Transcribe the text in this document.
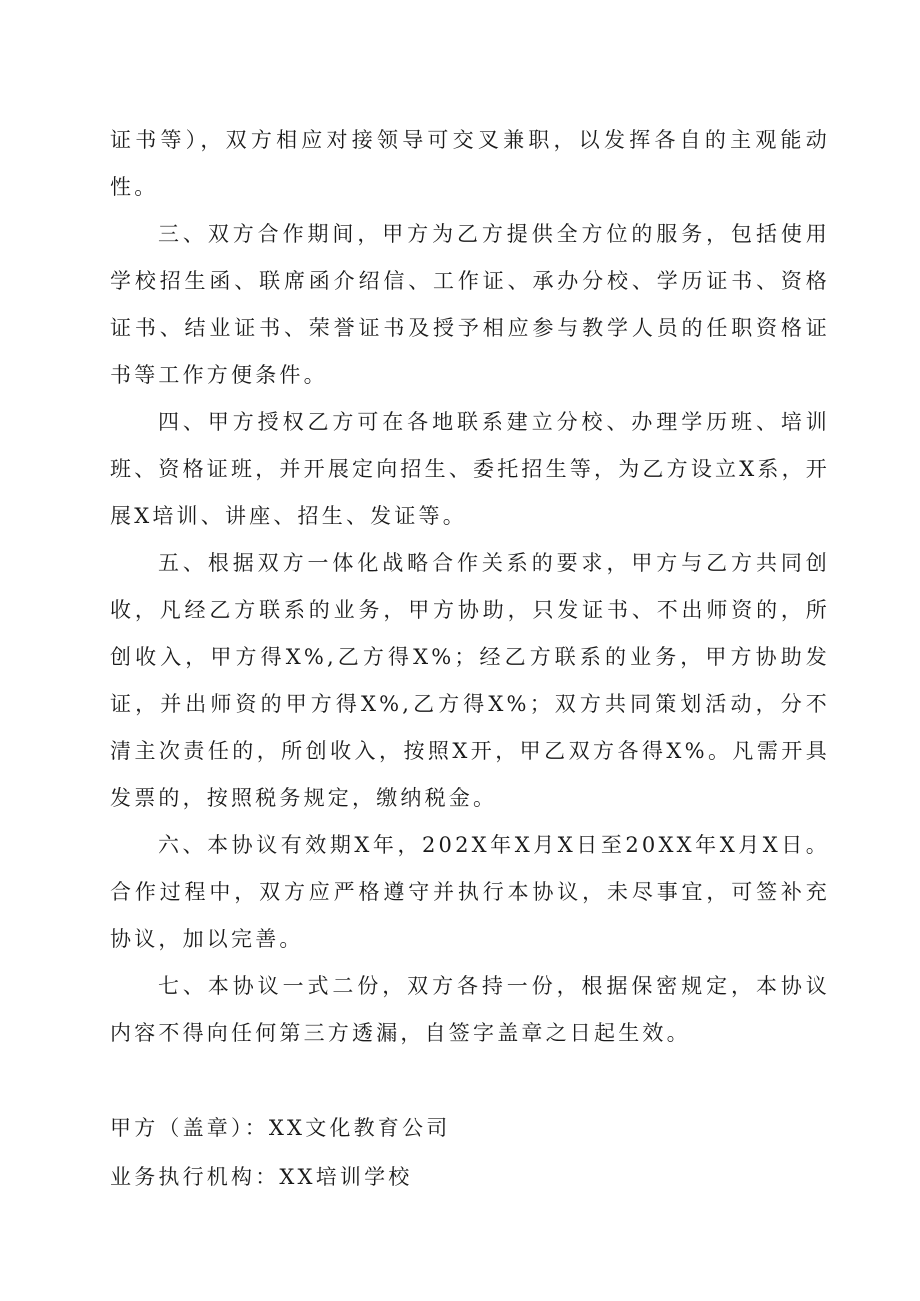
证书等），双方相应对接领导可交叉兼职，以发挥各自的主观能动性。

三、双方合作期间，甲方为乙方提供全方位的服务，包括使用学校招生函、联席函介绍信、工作证、承办分校、学历证书、资格证书、结业证书、荣誉证书及授予相应参与教学人员的任职资格证书等工作方便条件。

四、甲方授权乙方可在各地联系建立分校、办理学历班、培训班、资格证班，并开展定向招生、委托招生等，为乙方设立X系，开展X培训、讲座、招生、发证等。

五、根据双方一体化战略合作关系的要求，甲方与乙方共同创收，凡经乙方联系的业务，甲方协助，只发证书、不出师资的，所创收入，甲方得X%,乙方得X%；经乙方联系的业务，甲方协助发证，并出师资的甲方得X%,乙方得X%；双方共同策划活动，分不清主次责任的，所创收入，按照X开，甲乙双方各得X%。凡需开具发票的，按照税务规定，缴纳税金。

六、本协议有效期X年，202X年X月X日至20XX年X月X日。合作过程中，双方应严格遵守并执行本协议，未尽事宜，可签补充协议，加以完善。

七、本协议一式二份，双方各持一份，根据保密规定，本协议内容不得向任何第三方透漏，自签字盖章之日起生效。

甲方（盖章）：XX文化教育公司

业务执行机构：XX培训学校
